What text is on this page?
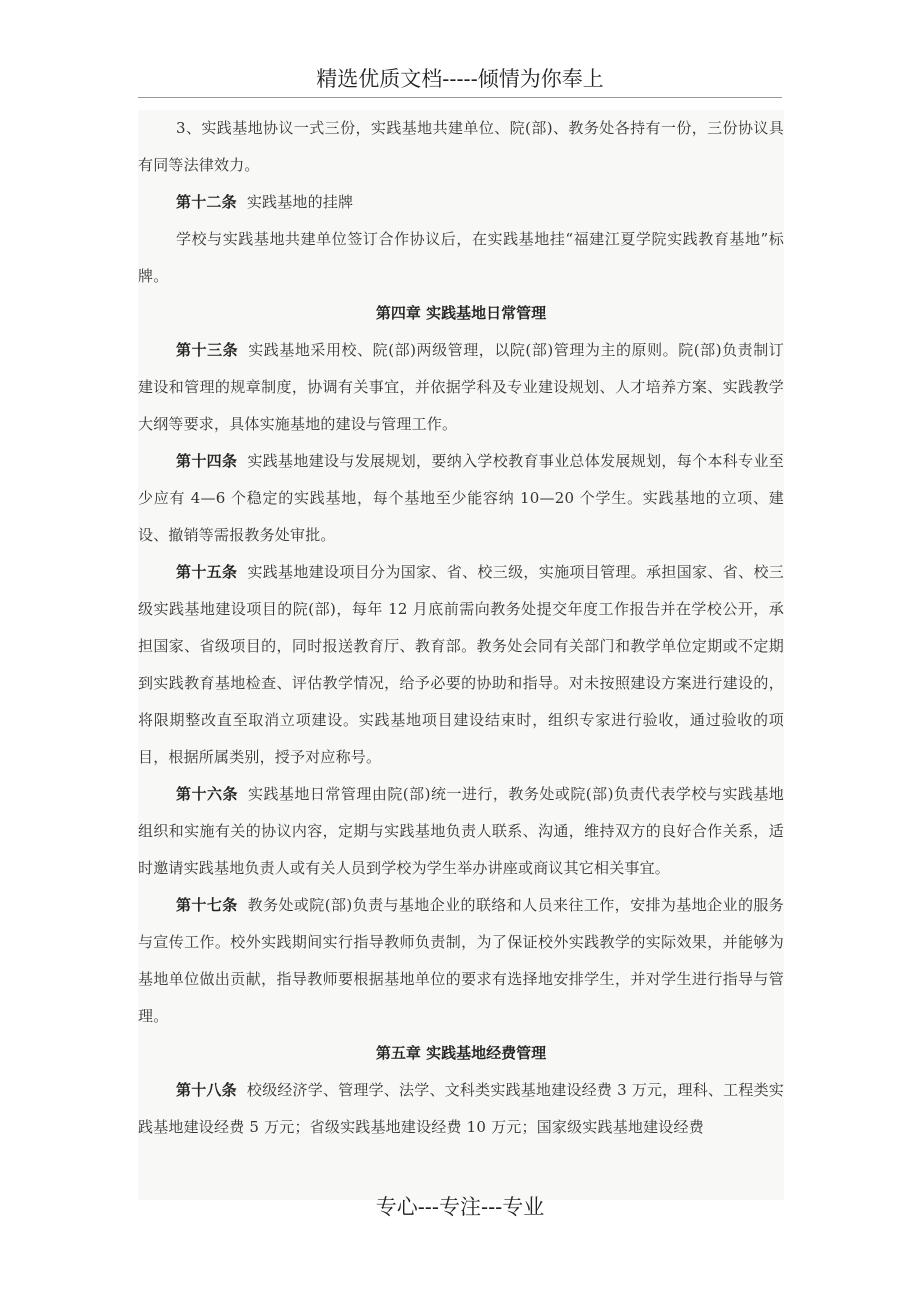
精选优质文档-----倾情为你奉上

3、实践基地协议一式三份，实践基地共建单位、院(部)、教务处各持有一份，三份协议具有同等法律效力。

第十二条 实践基地的挂牌

学校与实践基地共建单位签订合作协议后，在实践基地挂“福建江夏学院实践教育基地”标牌。

第四章 实践基地日常管理

第十三条 实践基地采用校、院(部)两级管理，以院(部)管理为主的原则。院(部)负责制订建设和管理的规章制度，协调有关事宜，并依据学科及专业建设规划、人才培养方案、实践教学大纲等要求，具体实施基地的建设与管理工作。

第十四条 实践基地建设与发展规划，要纳入学校教育事业总体发展规划，每个本科专业至少应有 4—6 个稳定的实践基地，每个基地至少能容纳 10—20 个学生。实践基地的立项、建设、撤销等需报教务处审批。

第十五条 实践基地建设项目分为国家、省、校三级，实施项目管理。承担国家、省、校三级实践基地建设项目的院(部)，每年 12 月底前需向教务处提交年度工作报告并在学校公开，承担国家、省级项目的，同时报送教育厅、教育部。教务处会同有关部门和教学单位定期或不定期到实践教育基地检查、评估教学情况，给予必要的协助和指导。对未按照建设方案进行建设的，将限期整改直至取消立项建设。实践基地项目建设结束时，组织专家进行验收，通过验收的项目，根据所属类别，授予对应称号。

第十六条 实践基地日常管理由院(部)统一进行，教务处或院(部)负责代表学校与实践基地组织和实施有关的协议内容，定期与实践基地负责人联系、沟通，维持双方的良好合作关系，适时邀请实践基地负责人或有关人员到学校为学生举办讲座或商议其它相关事宜。

第十七条 教务处或院(部)负责与基地企业的联络和人员来往工作，安排为基地企业的服务与宣传工作。校外实践期间实行指导教师负责制，为了保证校外实践教学的实际效果，并能够为基地单位做出贡献，指导教师要根据基地单位的要求有选择地安排学生，并对学生进行指导与管理。

第五章 实践基地经费管理

第十八条 校级经济学、管理学、法学、文科类实践基地建设经费 3 万元，理科、工程类实践基地建设经费 5 万元；省级实践基地建设经费 10 万元；国家级实践基地建设经费

专心---专注---专业
